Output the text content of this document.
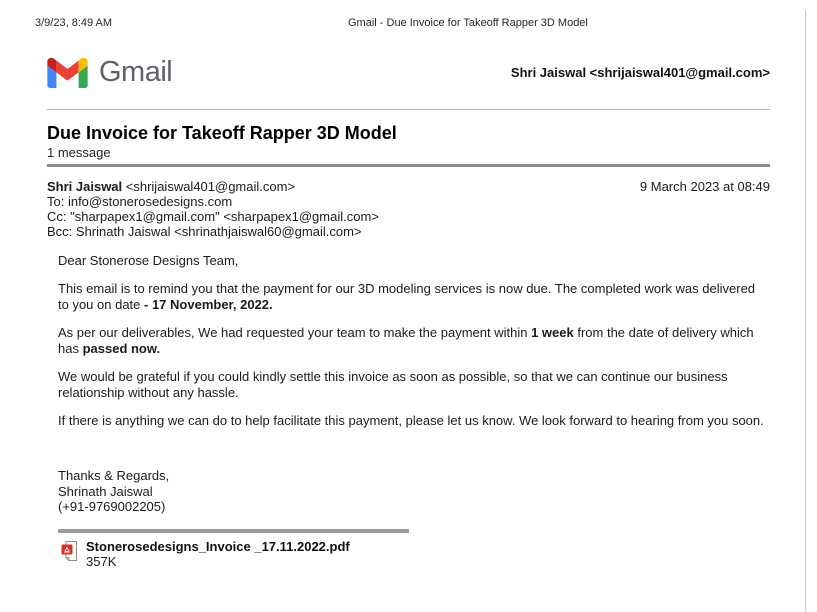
3/9/23, 8:49 AM	Gmail - Due Invoice for Takeoff Rapper 3D Model
Gmail	Shri Jaiswal <shrijaiswal401@gmail.com>
Due Invoice for Takeoff Rapper 3D Model
1 message
Shri Jaiswal <shrijaiswal401@gmail.com>	9 March 2023 at 08:49
To: info@stonerosedesigns.com
Cc: "sharpapex1@gmail.com" <sharpapex1@gmail.com>
Bcc: Shrinath Jaiswal <shrinathjaiswal60@gmail.com>

Dear Stonerose Designs Team,

This email is to remind you that the payment for our 3D modeling services is now due. The completed work was delivered to you on date - 17 November, 2022.

As per our deliverables, We had requested your team to make the payment within 1 week from the date of delivery which has passed now.

We would be grateful if you could kindly settle this invoice as soon as possible, so that we can continue our business relationship without any hassle.

If there is anything we can do to help facilitate this payment, please let us know. We look forward to hearing from you soon.

Thanks & Regards,
Shrinath Jaiswal
(+91-9769002205)
Stonerosedesigns_Invoice _17.11.2022.pdf
357K
